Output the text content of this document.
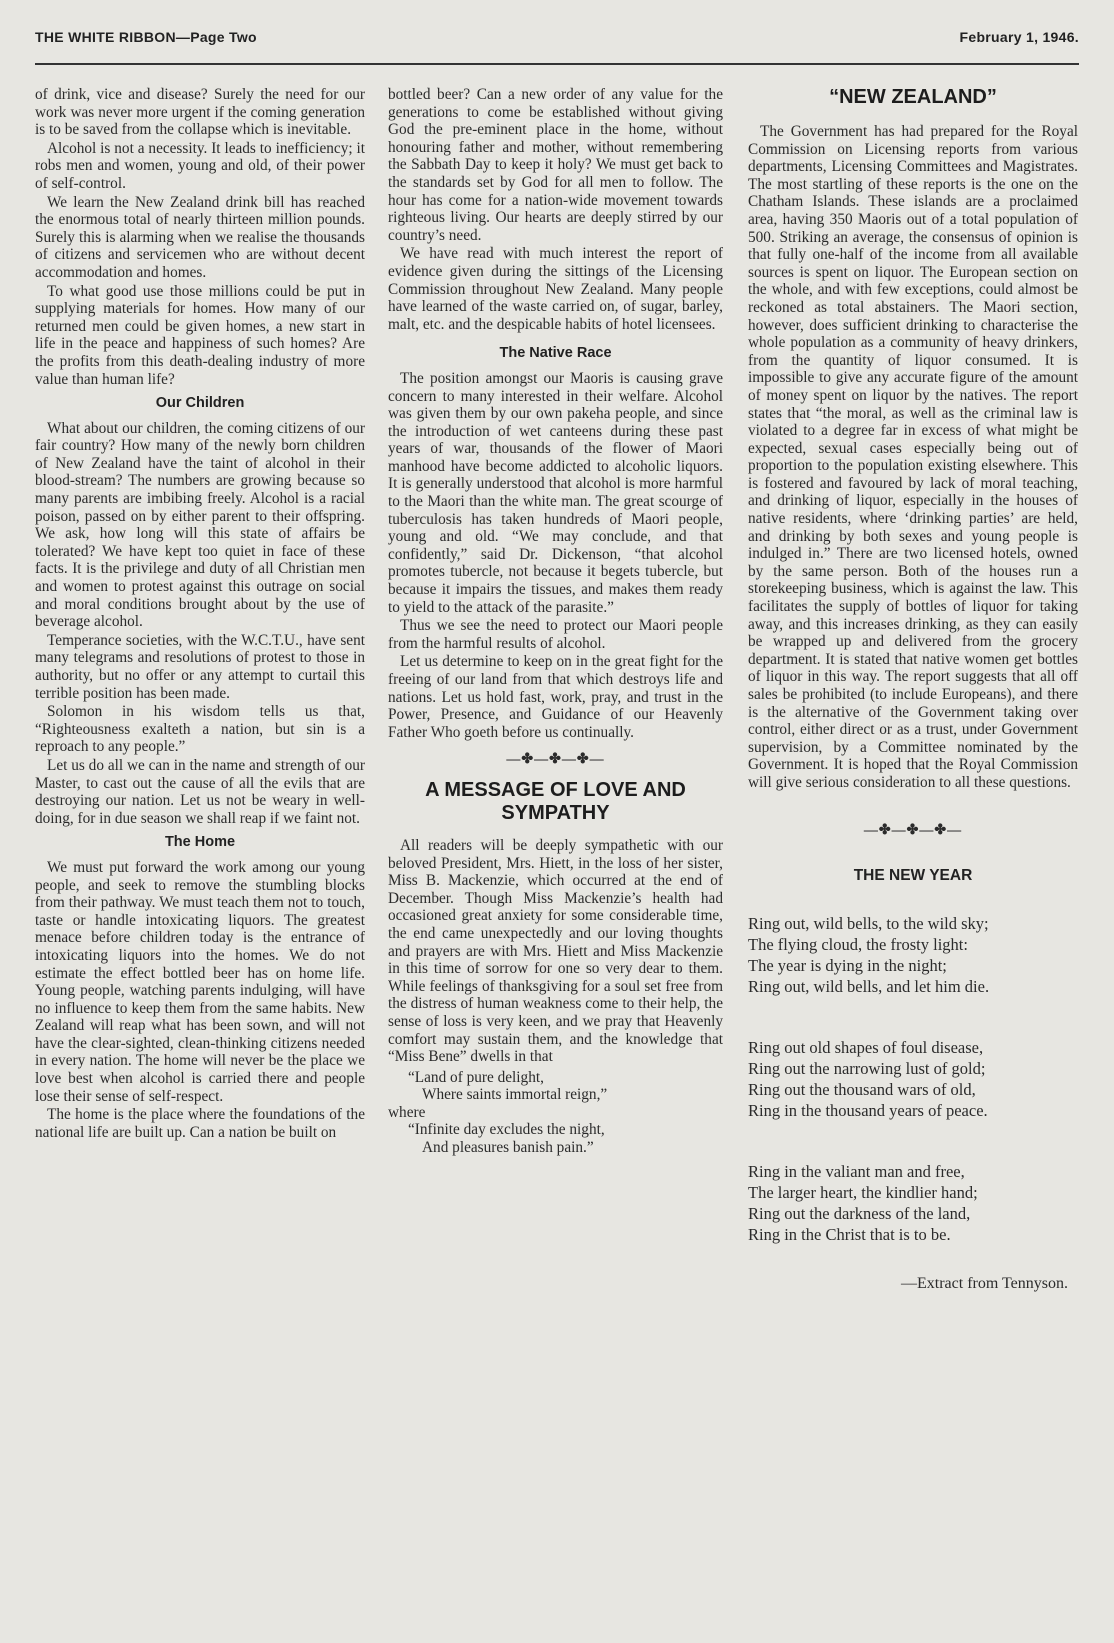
THE WHITE RIBBON—Page Two	February 1, 1946.

of drink, vice and disease? Surely the need for our work was never more urgent if the coming generation is to be saved from the collapse which is inevitable.

Alcohol is not a necessity. It leads to inefficiency; it robs men and women, young and old, of their power of self-control.

We learn the New Zealand drink bill has reached the enormous total of nearly thirteen million pounds. Surely this is alarming when we realise the thousands of citizens and servicemen who are without decent accommodation and homes.

To what good use those millions could be put in supplying materials for homes. How many of our returned men could be given homes, a new start in life in the peace and happiness of such homes? Are the profits from this death-dealing industry of more value than human life?

Our Children

What about our children, the coming citizens of our fair country? How many of the newly born children of New Zealand have the taint of alcohol in their blood-stream? The numbers are growing because so many parents are imbibing freely. Alcohol is a racial poison, passed on by either parent to their offspring. We ask, how long will this state of affairs be tolerated? We have kept too quiet in face of these facts. It is the privilege and duty of all Christian men and women to protest against this outrage on social and moral conditions brought about by the use of beverage alcohol.

Temperance societies, with the W.C.T.U., have sent many telegrams and resolutions of protest to those in authority, but no offer or any attempt to curtail this terrible position has been made.

Solomon in his wisdom tells us that, “Righteousness exalteth a nation, but sin is a reproach to any people.”

Let us do all we can in the name and strength of our Master, to cast out the cause of all the evils that are destroying our nation. Let us not be weary in well-doing, for in due season we shall reap if we faint not.

The Home

We must put forward the work among our young people, and seek to remove the stumbling blocks from their pathway. We must teach them not to touch, taste or handle intoxicating liquors. The greatest menace before children today is the entrance of intoxicating liquors into the homes. We do not estimate the effect bottled beer has on home life. Young people, watching parents indulging, will have no influence to keep them from the same habits. New Zealand will reap what has been sown, and will not have the clear-sighted, clean-thinking citizens needed in every nation. The home will never be the place we love best when alcohol is carried there and people lose their sense of self-respect.

The home is the place where the foundations of the national life are built up. Can a nation be built on

bottled beer? Can a new order of any value for the generations to come be established without giving God the pre-eminent place in the home, without honouring father and mother, without remembering the Sabbath Day to keep it holy? We must get back to the standards set by God for all men to follow. The hour has come for a nation-wide movement towards righteous living. Our hearts are deeply stirred by our country’s need.

We have read with much interest the report of evidence given during the sittings of the Licensing Commission throughout New Zealand. Many people have learned of the waste carried on, of sugar, barley, malt, etc. and the despicable habits of hotel licensees.

The Native Race

The position amongst our Maoris is causing grave concern to many interested in their welfare. Alcohol was given them by our own pakeha people, and since the introduction of wet canteens during these past years of war, thousands of the flower of Maori manhood have become addicted to alcoholic liquors. It is generally understood that alcohol is more harmful to the Maori than the white man. The great scourge of tuberculosis has taken hundreds of Maori people, young and old. “We may conclude, and that confidently,” said Dr. Dickenson, “that alcohol promotes tubercle, not because it begets tubercle, but because it impairs the tissues, and makes them ready to yield to the attack of the parasite.”

Thus we see the need to protect our Maori people from the harmful results of alcohol.

Let us determine to keep on in the great fight for the freeing of our land from that which destroys life and nations. Let us hold fast, work, pray, and trust in the Power, Presence, and Guidance of our Heavenly Father Who goeth before us continually.

—✤—✤—✤—
A MESSAGE OF LOVE AND SYMPATHY

All readers will be deeply sympathetic with our beloved President, Mrs. Hiett, in the loss of her sister, Miss B. Mackenzie, which occurred at the end of December. Though Miss Mackenzie’s health had occasioned great anxiety for some considerable time, the end came unexpectedly and our loving thoughts and prayers are with Mrs. Hiett and Miss Mackenzie in this time of sorrow for one so very dear to them. While feelings of thanksgiving for a soul set free from the distress of human weakness come to their help, the sense of loss is very keen, and we pray that Heavenly comfort may sustain them, and the knowledge that “Miss Bene” dwells in that

“Land of pure delight,
Where saints immortal reign,”
where
“Infinite day excludes the night,
And pleasures banish pain.”
“NEW ZEALAND”

The Government has had prepared for the Royal Commission on Licensing reports from various departments, Licensing Committees and Magistrates. The most startling of these reports is the one on the Chatham Islands. These islands are a proclaimed area, having 350 Maoris out of a total population of 500. Striking an average, the consensus of opinion is that fully one-half of the income from all available sources is spent on liquor. The European section on the whole, and with few exceptions, could almost be reckoned as total abstainers. The Maori section, however, does sufficient drinking to characterise the whole population as a community of heavy drinkers, from the quantity of liquor consumed. It is impossible to give any accurate figure of the amount of money spent on liquor by the natives. The report states that “the moral, as well as the criminal law is violated to a degree far in excess of what might be expected, sexual cases especially being out of proportion to the population existing elsewhere. This is fostered and favoured by lack of moral teaching, and drinking of liquor, especially in the houses of native residents, where ‘drinking parties’ are held, and drinking by both sexes and young people is indulged in.” There are two licensed hotels, owned by the same person. Both of the houses run a storekeeping business, which is against the law. This facilitates the supply of bottles of liquor for taking away, and this increases drinking, as they can easily be wrapped up and delivered from the grocery department. It is stated that native women get bottles of liquor in this way. The report suggests that all off sales be prohibited (to include Europeans), and there is the alternative of the Government taking over control, either direct or as a trust, under Government supervision, by a Committee nominated by the Government. It is hoped that the Royal Commission will give serious consideration to all these questions.

—✤—✤—✤—
THE NEW YEAR
Ring out, wild bells, to the wild sky;
The flying cloud, the frosty light:
The year is dying in the night;
Ring out, wild bells, and let him die.
Ring out old shapes of foul disease,
Ring out the narrowing lust of gold;
Ring out the thousand wars of old,
Ring in the thousand years of peace.
Ring in the valiant man and free,
The larger heart, the kindlier hand;
Ring out the darkness of the land,
Ring in the Christ that is to be.
—Extract from Tennyson.
